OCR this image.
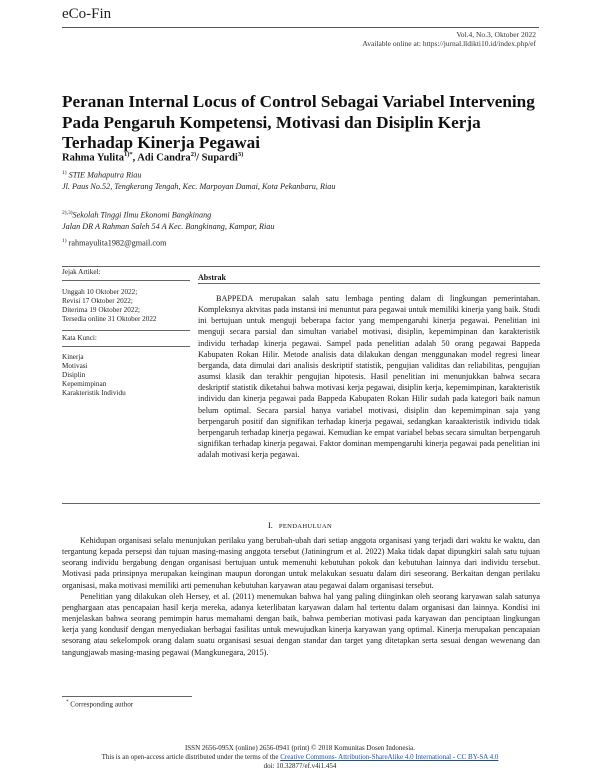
eCo-Fin
Vol.4, No.3, Oktober 2022
Available online at: https://jurnal.lldikti10.id/index.php/ef
Peranan Internal Locus of Control Sebagai Variabel Intervening Pada Pengaruh Kompetensi, Motivasi dan Disiplin Kerja Terhadap Kinerja Pegawai
Rahma Yulita$^{1)*}$, Adi Candra$^{2)}$/ Supardi$^{3)}$
$^{1)}$ STIE Mahaputra Riau
Jl. Paus No.52, Tengkerang Tengah, Kec. Marpoyan Damai, Kota Pekanbaru, Riau
$^{2),3)}$Sekolah Tinggi Ilmu Ekonomi Bangkinang
Jalan DR A Rahman Saleh 54 A Kec. Bangkinang, Kampar, Riau
$^{1)}$ rahmayulita1982@gmail.com
Jejak Artikel:
Unggah 10 Oktober 2022;
Revisi 17 Oktober 2022;
Diterima 19 Oktober 2022;
Tersedia online 31 Oktober 2022
Kata Kunci:
Kinerja
Motivasi
Disiplin
Kepemimpinan
Karakteristik Individu
Abstrak

BAPPEDA merupakan salah satu lembaga penting dalam di lingkungan pemerintahan. Kompleksnya aktvitas pada instansi ini menuntut para pegawai untuk memiliki kinerja yang baik. Studi ini bertujuan untuk menguji beberapa factor yang mempengaruhi kinerja pegawai. Penelitian ini menguji secara parsial dan simultan variabel motivasi, disiplin, kepemimpinan dan karakteristik individu terhadap kinerja pegawai. Sampel pada penelitian adalah 50 orang pegawai Bappeda Kabupaten Rokan Hilir. Metode analisis data dilakukan dengan menggunakan model regresi linear berganda, data dimulai dari analisis deskriptif statistik, pengujian validitas dan reliabilitas, pengujian asumsi klasik dan terakhir pengujian hipotesis. Hasil penelitian ini menunjukkan bahwa secara deskriptif statistik diketahui bahwa motivasi kerja pegawai, disiplin kerja, kepemimpinan, karakteristik individu dan kinerja pegawai pada Bappeda Kabupaten Rokan Hilir sudah pada kategori baik namun belum optimal. Secara parsial hanya variabel motivasi, disiplin dan kepemimpinan saja yang berpengaruh positif dan signifikan terhadap kinerja pegawai, sedangkan karaakteristik individu tidak berpengaruh terhadap kinerja pegawai. Kemudian ke empat variabel bebas secara simultan berpengaruh signifikan terhadap kinerja pegawai. Faktor dominan mempengaruhi kinerja pegawai pada penelitian ini adalah motivasi kerja pegawai.

I. PENDAHULUAN

Kehidupan organisasi selalu menunjukan perilaku yang berubah-ubah dari setiap anggota organisasi yang terjadi dari waktu ke waktu, dan tergantung kepada persepsi dan tujuan masing-masing anggota tersebut (Jatiningrum et al. 2022) Maka tidak dapat dipungkiri salah satu tujuan seorang individu bergabung dengan organisasi bertujuan untuk memenuhi kebutuhan pokok dan kebutuhan lainnya dari individu tersebut. Motivasi pada prinsipnya merupakan keinginan maupun dorongan untuk melakukan sesuatu dalam diri seseorang. Berkaitan dengan perilaku organisasi, maka motivasi memiliki arti pemenuhan kebutuhan karyawan atau pegawai dalam organisasi tersebut.

Penelitian yang dilakukan oleh Hersey, et al. (2011) menemukan bahwa hal yang paling diinginkan oleh seorang karyawan salah satunya penghargaan atas pencapaian hasil kerja mereka, adanya keterlibatan karyawan dalam hal tertentu dalam organisasi dan lainnya. Kondisi ini menjelaskan bahwa seorang pemimpin harus memahami dengan baik, bahwa pemberian motivasi pada karyawan dan penciptaan lingkungan kerja yang kondusif dengan menyediakan berbagai fasilitas untuk mewujudkan kinerja karyawan yang optimal. Kinerja merupakan pencapaian sesorang atau sekelompok orang dalam suatu organisasi sesuai dengan standar dan target yang ditetapkan serta sesuai dengan wewenang dan tangungjawab masing-masing pegawai (Mangkunegara, 2015).

* Corresponding author
ISSN 2656-095X (online) 2656-0941 (print) © 2018 Komunitas Dosen Indonesia.
This is an open-access article distributed under the terms of the Creative Commons- Attribution-ShareAlike 4.0 International - CC BY-SA 4.0
doi: 10.32877/ef.v4i1.454
